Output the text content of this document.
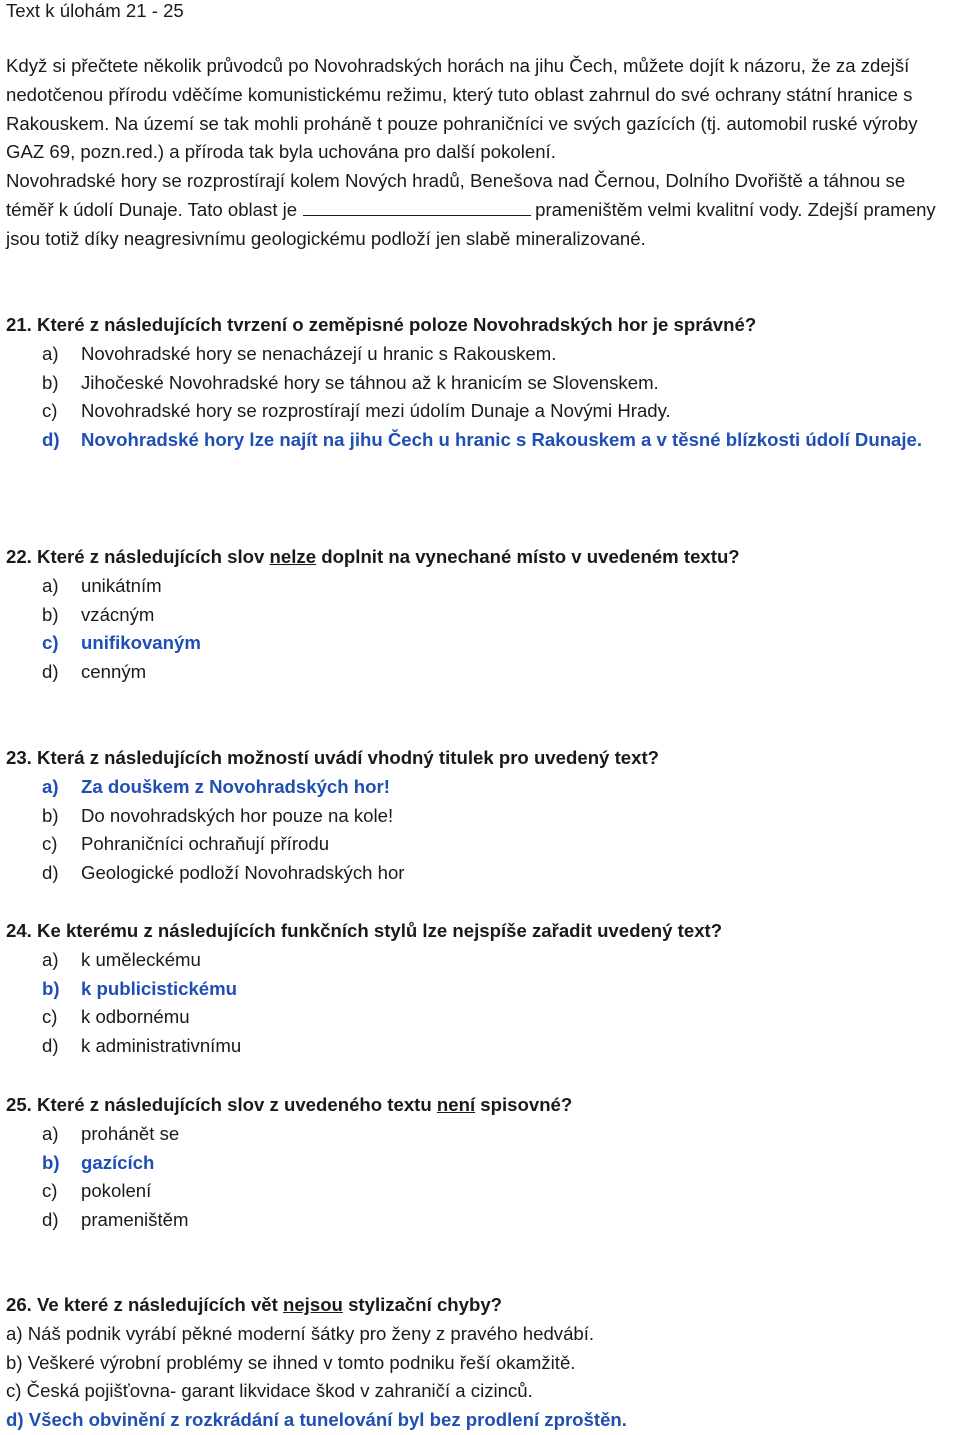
Text k úlohám 21 - 25

Když si přečtete několik průvodců po Novohradských horách na jihu Čech, můžete dojít k názoru, že za zdejší nedotčenou přírodu vděčíme komunistickému režimu, který tuto oblast zahrnul do své ochrany státní hranice s Rakouskem. Na území se tak mohli proháně t pouze pohraničníci ve svých gazících (tj. automobil ruské výroby GAZ 69, pozn.red.) a příroda tak byla uchována pro další pokolení.

Novohradské hory se rozprostírají kolem Nových hradů, Benešova nad Černou, Dolního Dvořiště a táhnou se téměř k údolí Dunaje. Tato oblast je	prameništěm velmi kvalitní vody. Zdejší prameny jsou totiž díky neagresivnímu geologickému podloží jen slabě mineralizované.

21. Které z následujících tvrzení o zeměpisné poloze Novohradských hor je správné?
a) Novohradské hory se nenacházejí u hranic s Rakouskem.
b) Jihočeské Novohradské hory se táhnou až k hranicím se Slovenskem.
c) Novohradské hory se rozprostírají mezi údolím Dunaje a Novými Hrady.
d) Novohradské hory lze najít na jihu Čech u hranic s Rakouskem a v těsné blízkosti údolí Dunaje.
22. Které z následujících slov nelze doplnit na vynechané místo v uvedeném textu?
a) unikátním
b) vzácným
c) unifikovaným
d) cenným
23. Která z následujících možností uvádí vhodný titulek pro uvedený text?
a) Za douškem z Novohradských hor!
b) Do novohradských hor pouze na kole!
c) Pohraničníci ochraňují přírodu
d) Geologické podloží Novohradských hor
24. Ke kterému z následujících funkčních stylů lze nejspíše zařadit uvedený text?
a) k uměleckému
b) k publicistickému
c) k odbornému
d) k administrativnímu
25. Které z následujících slov z uvedeného textu není spisovné?
a) prohánět se
b) gazících
c) pokolení
d) prameništěm
26. Ve které z následujících vět nejsou stylizační chyby?
a) Náš podnik vyrábí pěkné moderní šátky pro ženy z pravého hedvábí.
b) Veškeré výrobní problémy se ihned v tomto podniku řeší okamžitě.
c) Česká pojišťovna- garant likvidace škod v zahraničí a cizinců.
d) Všech obvinění z rozkrádání a tunelování byl bez prodlení zproštěn.
